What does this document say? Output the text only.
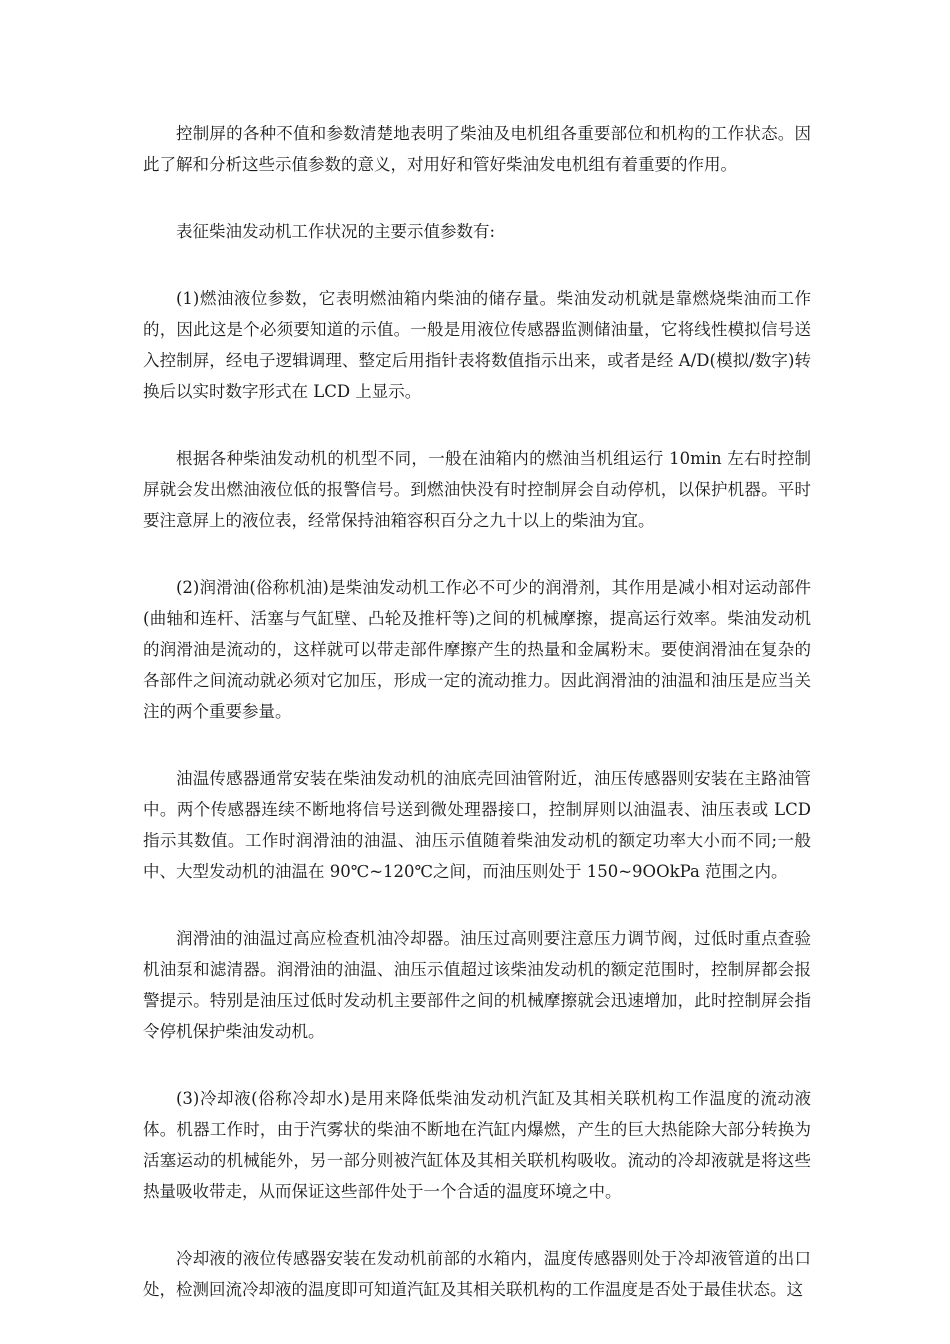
控制屏的各种不值和参数清楚地表明了柴油及电机组各重要部位和机构的工作状态。因此了解和分析这些示值参数的意义，对用好和管好柴油发电机组有着重要的作用。

表征柴油发动机工作状况的主要示值参数有:

(1)燃油液位参数，它表明燃油箱内柴油的储存量。柴油发动机就是靠燃烧柴油而工作的，因此这是个必须要知道的示值。一般是用液位传感器监测储油量，它将线性模拟信号送入控制屏，经电子逻辑调理、整定后用指针表将数值指示出来，或者是经 A/D(模拟/数字)转换后以实时数字形式在 LCD 上显示。

根据各种柴油发动机的机型不同，一般在油箱内的燃油当机组运行 10min 左右时控制屏就会发出燃油液位低的报警信号。到燃油快没有时控制屏会自动停机，以保护机器。平时要注意屏上的液位表，经常保持油箱容积百分之九十以上的柴油为宜。

(2)润滑油(俗称机油)是柴油发动机工作必不可少的润滑剂，其作用是减小相对运动部件(曲轴和连杆、活塞与气缸壁、凸轮及推杆等)之间的机械摩擦，提高运行效率。柴油发动机的润滑油是流动的，这样就可以带走部件摩擦产生的热量和金属粉末。要使润滑油在复杂的各部件之间流动就必须对它加压，形成一定的流动推力。因此润滑油的油温和油压是应当关注的两个重要参量。

油温传感器通常安装在柴油发动机的油底壳回油管附近，油压传感器则安装在主路油管中。两个传感器连续不断地将信号送到微处理器接口，控制屏则以油温表、油压表或 LCD 指示其数值。工作时润滑油的油温、油压示值随着柴油发动机的额定功率大小而不同;一般中、大型发动机的油温在 90℃~120℃之间，而油压则处于 150~9OOkPa 范围之内。

润滑油的油温过高应检查机油冷却器。油压过高则要注意压力调节阀，过低时重点查验机油泵和滤清器。润滑油的油温、油压示值超过该柴油发动机的额定范围时，控制屏都会报警提示。特别是油压过低时发动机主要部件之间的机械摩擦就会迅速增加，此时控制屏会指令停机保护柴油发动机。

(3)冷却液(俗称冷却水)是用来降低柴油发动机汽缸及其相关联机构工作温度的流动液体。机器工作时，由于汽雾状的柴油不断地在汽缸内爆燃，产生的巨大热能除大部分转换为活塞运动的机械能外，另一部分则被汽缸体及其相关联机构吸收。流动的冷却液就是将这些热量吸收带走，从而保证这些部件处于一个合适的温度环境之中。

冷却液的液位传感器安装在发动机前部的水箱内，温度传感器则处于冷却液管道的出口处，检测回流冷却液的温度即可知道汽缸及其相关联机构的工作温度是否处于最佳状态。这
